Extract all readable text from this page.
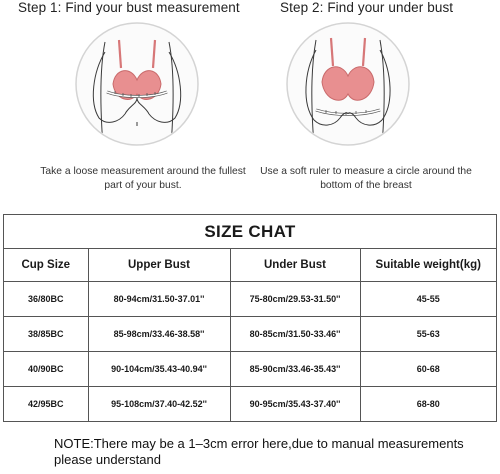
Step 1: Find your bust measurement	Step 2: Find your under bust
Take a loose measurement around the fullest part of your bust.
Use a soft ruler to measure a circle around the bottom of the breast
SIZE CHAT
Cup Size	Upper Bust	Under Bust	Suitable weight(kg)
36/80BC	80-94cm/31.50-37.01''	75-80cm/29.53-31.50''	45-55
38/85BC	85-98cm/33.46-38.58''	80-85cm/31.50-33.46''	55-63
40/90BC	90-104cm/35.43-40.94''	85-90cm/33.46-35.43''	60-68
42/95BC	95-108cm/37.40-42.52''	90-95cm/35.43-37.40''	68-80
NOTE:There may be a 1–3cm error here,due to manual measurements please understand
